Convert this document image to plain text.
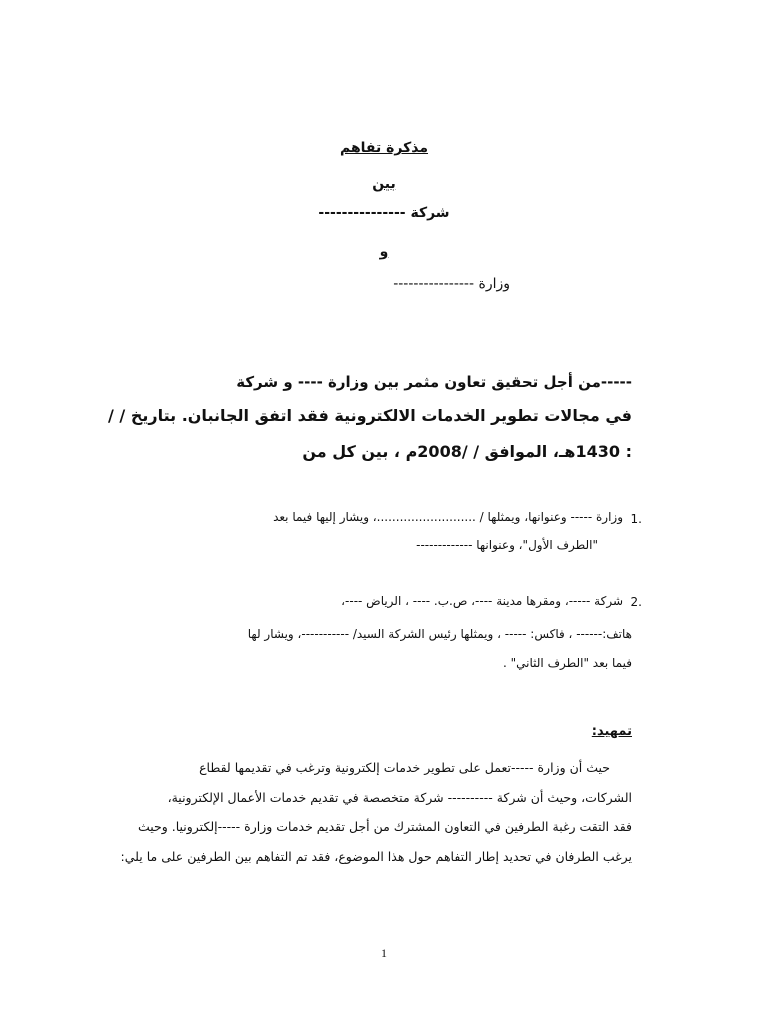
مذكرة تفاهم
بين
شركة ---------------
و
وزارة ----------------
-----من أجل تحقيق تعاون مثمر بين وزارة ---- و شركة
في مجالات تطوير الخدمات الالكترونية فقد اتفق الجانبان. بتاريخ / /
: 1430هـ، الموافق / /2008م ، بين كل من
1.
وزارة ----- وعنوانها، ويمثلها / ..........................، ويشار إليها فيما بعد
"الطرف الأول"، وعنوانها -------------
2.
شركة -----، ومقرها مدينة ----، ص.ب. ---- ، الرياض ----،
هاتف:------ ، فاكس: ----- ، ويمثلها رئيس الشركة السيد/ -----------، ويشار لها
فيما بعد "الطرف الثاني" .
تمهيد:
حيث أن وزارة -----تعمل على تطوير خدمات إلكترونية وترغب في تقديمها لقطاع
الشركات، وحيث أن شركة ---------- شركة متخصصة في تقديم خدمات الأعمال الإلكترونية،
فقد التقت رغبة الطرفين في التعاون المشترك من أجل تقديم خدمات وزارة -----إلكترونيا. وحيث
يرغب الطرفان في تحديد إطار التفاهم حول هذا الموضوع، فقد تم التفاهم بين الطرفين على ما يلي:
1
